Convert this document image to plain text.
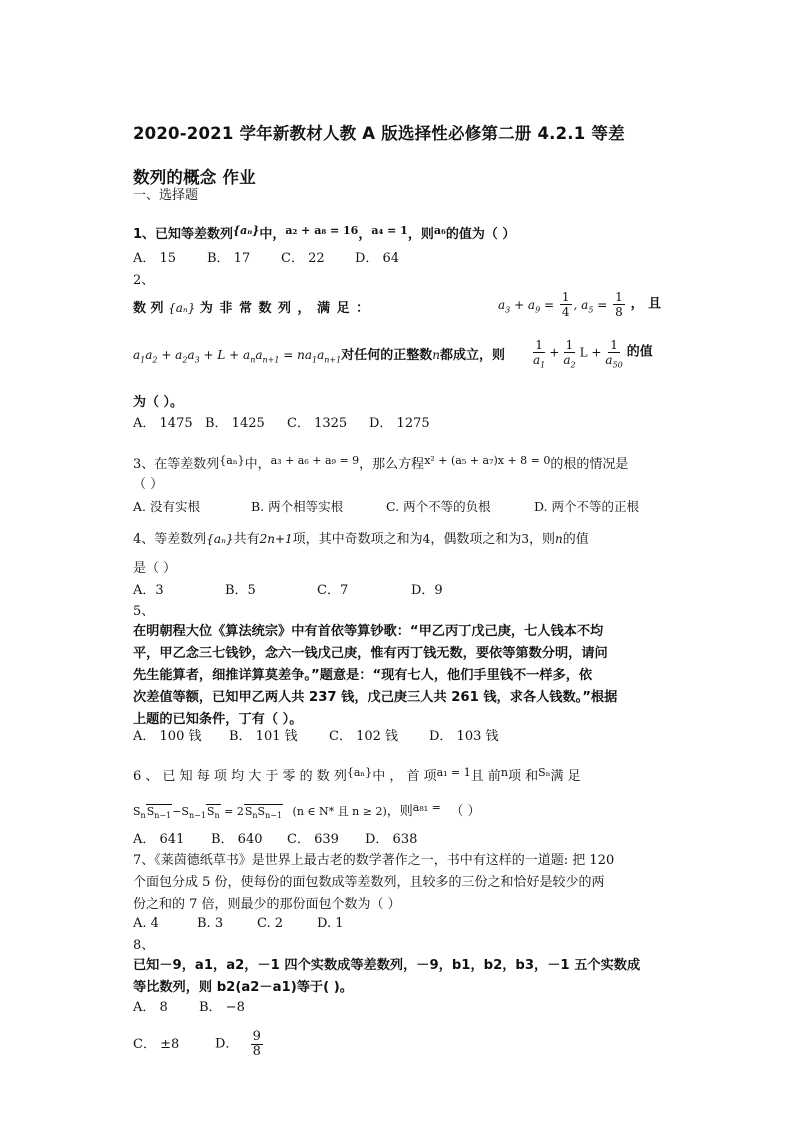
2020-2021 学年新教材人教 A 版选择性必修第二册 4.2.1 等差
数列的概念 作业
一、选择题
1、已知等差数列$^{\{a_n\}}$中，$^{a_2 + a_8 = 16}$，$^{a_4 = 1}$，则$^{a_6}$的值为（ ）
A． 15 B． 17 C． 22 D． 64
2、
数 列 {aₙ} 为 非 常 数 列 ， 满 足 ：	$a_3 + a_9 = \frac{1}{4}$ , $a_5 = \frac{1}{8}$ ， 且
$a_1a_2 + a_2a_3 + L + a_na_{n+1} = na_1a_{n+1}$对任何的正整数n都成立，则	$\frac{1}{a_1} + \frac{1}{a_2}$ $L + \frac{1}{a_{50}}$ 的值
为（ ）。
A． 1475 B． 1425 C． 1325 D． 1275
3、在等差数列$^{\{a_n\}}$中，$^{a_3 + a_6 + a_9 = 9}$，那么方程$^{x^2 + (a_5 + a_7)x + 8 = 0}$的根的情况是
（ ）
A. 没有实根	B. 两个相等实根	C. 两个不等的负根	D. 两个不等的正根
4、等差数列{aₙ}共有2n+1项，其中奇数项之和为4，偶数项之和为3，则n的值
是（ ）
A．3	B．5	C．7	D．9
5、
在明朝程大位《算法统宗》中有首依等算钞歌：“甲乙丙丁戊己庚，七人钱本不均
平，甲乙念三七钱钞，念六一钱戊己庚，惟有丙丁钱无数，要依等第数分明，请问
先生能算者，细推详算莫差争。”题意是：“现有七人，他们手里钱不一样多，依
次差值等额，已知甲乙两人共 237 钱，戊己庚三人共 261 钱，求各人钱数。”根据
上题的已知条件，丁有（ ）。
A． 100 钱 B． 101 钱 C． 102 钱 D． 103 钱
6 、 已 知 每 项 均 大 于 零 的 数 列$^{\{a_n\}}$中 ， 首 项$^{a_1 = 1}$且 前$^n$项 和$^{S_n}$满 足
$S_nS_{n-1}-S_{n-1}S_n = 2S_nS_{n-1}$ (n ∈ N* 且 n ≥ 2)，则a₈₁ = （ ）
A． 641 B． 640 C． 639 D． 638
7、《莱茵德纸草书》是世界上最古老的数学著作之一，书中有这样的一道题: 把 120
个面包分成 5 份，使每份的面包数成等差数列，且较多的三份之和恰好是较少的两
份之和的 7 倍，则最少的那份面包个数为（ ）
A. 4	B. 3	C. 2	D. 1
8、
已知－9，a1，a2，－1 四个实数成等差数列，－9，b1，b2，b3，－1 五个实数成
等比数列，则 b2(a2－a1)等于( )。
A． 8 B． −8
C． ±8	D． $\frac{9}{8}$
